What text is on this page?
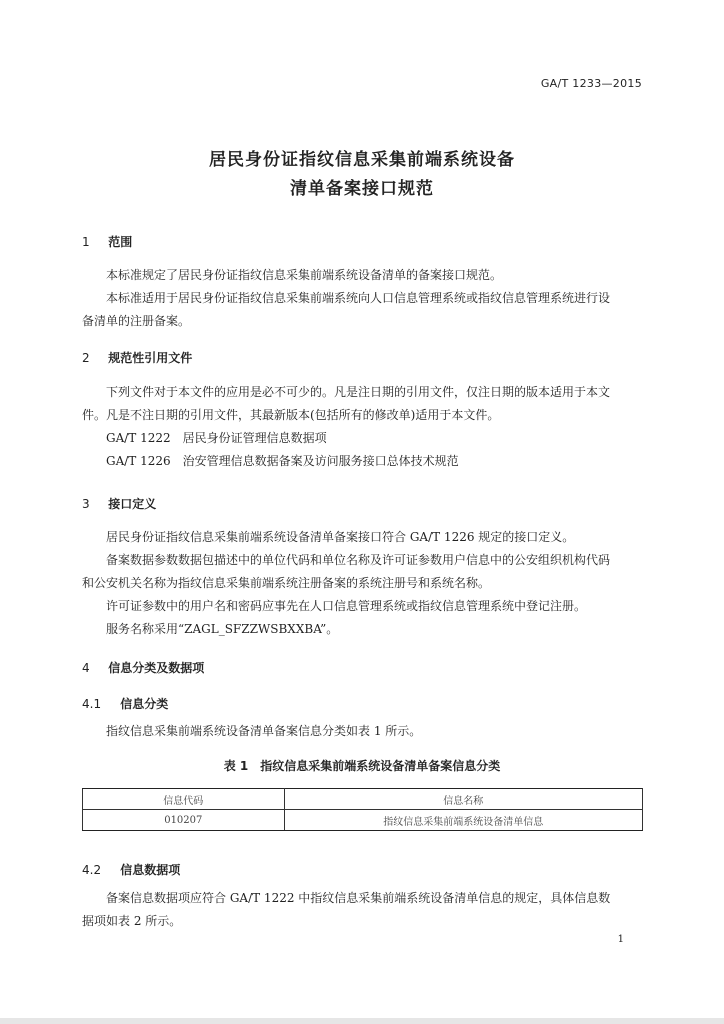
GA/T 1233—2015
居民身份证指纹信息采集前端系统设备
清单备案接口规范
1 范围
本标准规定了居民身份证指纹信息采集前端系统设备清单的备案接口规范。
本标准适用于居民身份证指纹信息采集前端系统向人口信息管理系统或指纹信息管理系统进行设
备清单的注册备案。
2 规范性引用文件
下列文件对于本文件的应用是必不可少的。凡是注日期的引用文件，仅注日期的版本适用于本文
件。凡是不注日期的引用文件，其最新版本(包括所有的修改单)适用于本文件。
GA/T 1222　居民身份证管理信息数据项
GA/T 1226　治安管理信息数据备案及访问服务接口总体技术规范
3 接口定义
居民身份证指纹信息采集前端系统设备清单备案接口符合 GA/T 1226 规定的接口定义。
备案数据参数数据包描述中的单位代码和单位名称及许可证参数用户信息中的公安组织机构代码
和公安机关名称为指纹信息采集前端系统注册备案的系统注册号和系统名称。
许可证参数中的用户名和密码应事先在人口信息管理系统或指纹信息管理系统中登记注册。
服务名称采用“ZAGL_SFZZWSBXXBA”。
4 信息分类及数据项
4.1 信息分类
指纹信息采集前端系统设备清单备案信息分类如表 1 所示。
表 1　指纹信息采集前端系统设备清单备案信息分类
信息代码	信息名称
010207	指纹信息采集前端系统设备清单信息
4.2 信息数据项
备案信息数据项应符合 GA/T 1222 中指纹信息采集前端系统设备清单信息的规定，具体信息数
据项如表 2 所示。
1
